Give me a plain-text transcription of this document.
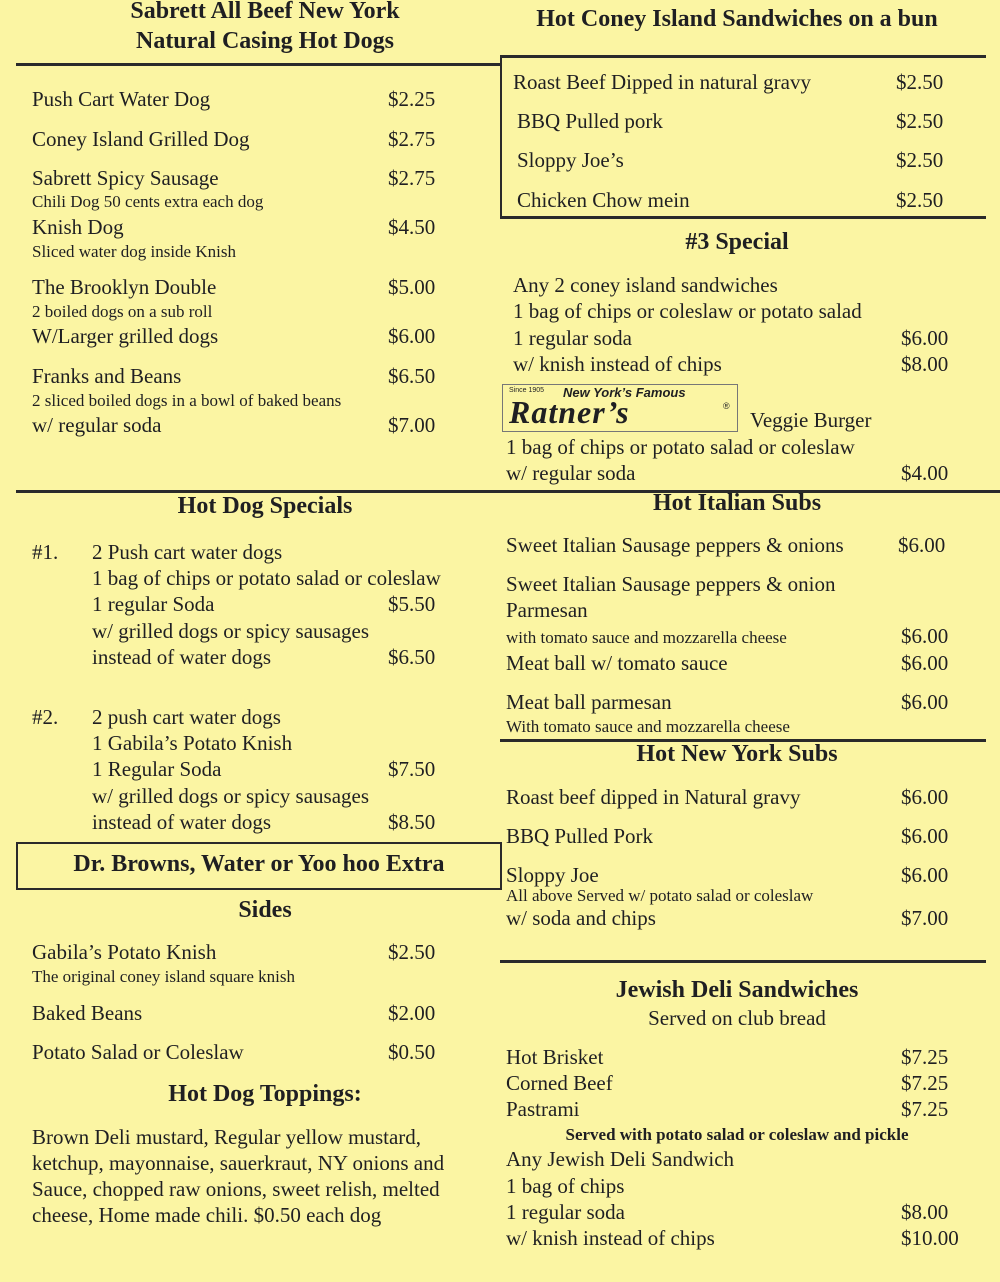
Sabrett All Beef New York
Natural Casing Hot Dogs
Push Cart Water Dog	$2.25
Coney Island Grilled Dog	$2.75
Sabrett Spicy Sausage	$2.75
Chili Dog 50 cents extra each dog
Knish Dog	$4.50
Sliced water dog inside Knish
The Brooklyn Double	$5.00
2 boiled dogs on a sub roll
W/Larger grilled dogs	$6.00
Franks and Beans	$6.50
2 sliced boiled dogs in a bowl of baked beans
w/ regular soda	$7.00
Hot Dog Specials
#1. 2 Push cart water dogs
1 bag of chips or potato salad or coleslaw
1 regular Soda	$5.50
w/ grilled dogs or spicy sausages
instead of water dogs	$6.50
#2. 2 push cart water dogs
1 Gabila’s Potato Knish
1 Regular Soda	$7.50
w/ grilled dogs or spicy sausages
instead of water dogs	$8.50
Dr. Browns, Water or Yoo hoo Extra
Sides
Gabila’s Potato Knish	$2.50
The original coney island square knish
Baked Beans	$2.00
Potato Salad or Coleslaw	$0.50
Hot Dog Toppings:
Brown Deli mustard, Regular yellow mustard,
ketchup, mayonnaise, sauerkraut, NY onions and
Sauce, chopped raw onions, sweet relish, melted
cheese, Home made chili. $0.50 each dog
Hot Coney Island Sandwiches on a bun
Roast Beef Dipped in natural gravy	$2.50
BBQ Pulled pork	$2.50
Sloppy Joe’s	$2.50
Chicken Chow mein	$2.50
#3 Special
Any 2 coney island sandwiches
1 bag of chips or coleslaw or potato salad
1 regular soda	$6.00
w/ knish instead of chips	$8.00
Since 1905 New York’s Famous
Ratner’s	®
Veggie Burger
1 bag of chips or potato salad or coleslaw
w/ regular soda	$4.00
Hot Italian Subs
Sweet Italian Sausage peppers & onions	$6.00
Sweet Italian Sausage peppers & onion
Parmesan
with tomato sauce and mozzarella cheese	$6.00
Meat ball w/ tomato sauce	$6.00
Meat ball parmesan	$6.00
With tomato sauce and mozzarella cheese
Hot New York Subs
Roast beef dipped in Natural gravy	$6.00
BBQ Pulled Pork	$6.00
Sloppy Joe	$6.00
All above Served w/ potato salad or coleslaw
w/ soda and chips	$7.00
Jewish Deli Sandwiches
Served on club bread
Hot Brisket	$7.25
Corned Beef	$7.25
Pastrami	$7.25
Served with potato salad or coleslaw and pickle
Any Jewish Deli Sandwich
1 bag of chips
1 regular soda	$8.00
w/ knish instead of chips	$10.00
